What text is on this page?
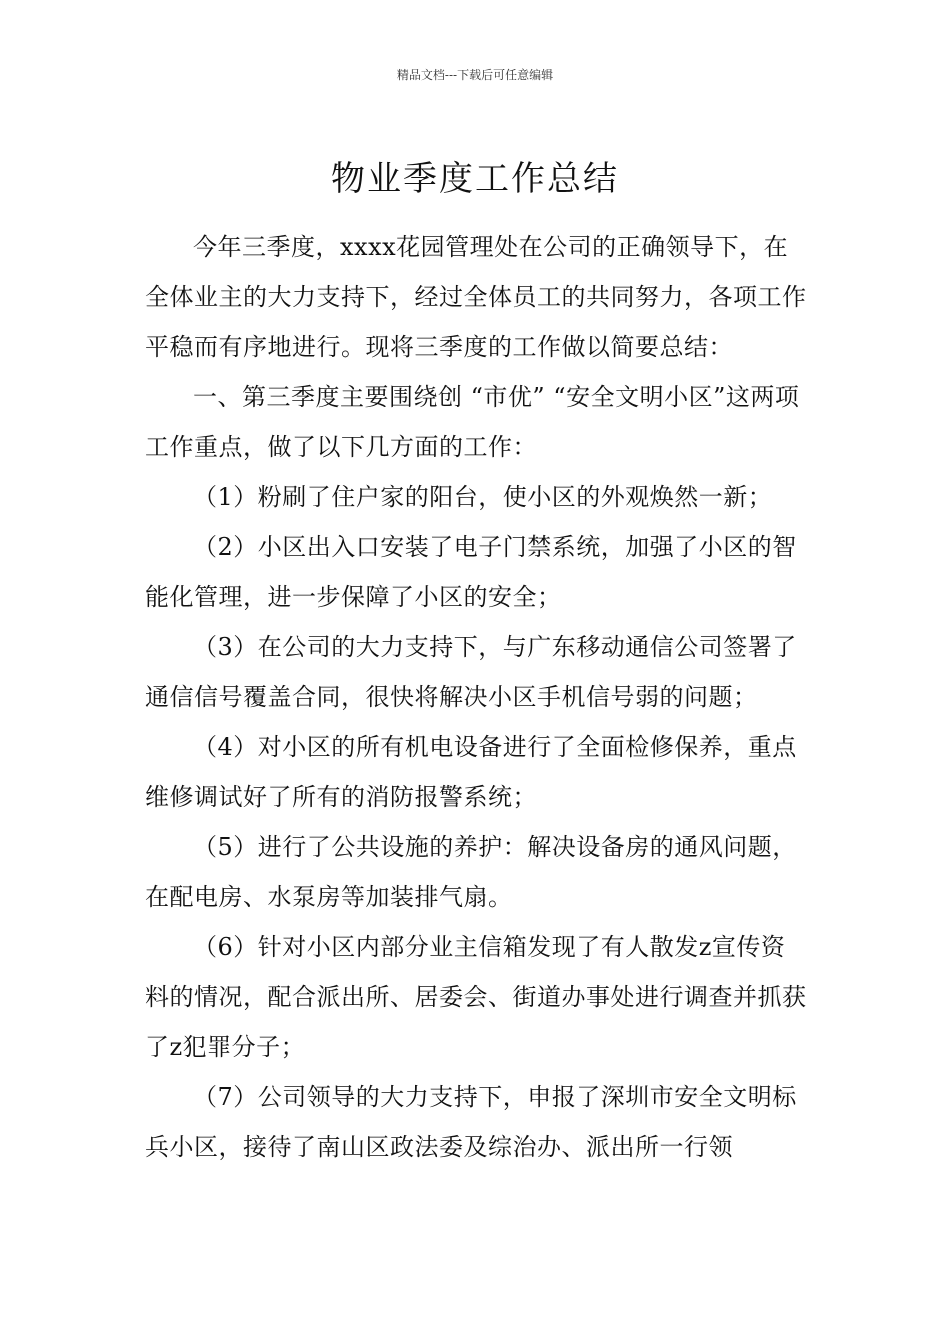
精品文档---下载后可任意编辑
物业季度工作总结

今年三季度，xxxx花园管理处在公司的正确领导下，在全体业主的大力支持下，经过全体员工的共同努力，各项工作平稳而有序地进行。现将三季度的工作做以简要总结：

一、第三季度主要围绕创 “市优” “安全文明小区”这两项工作重点，做了以下几方面的工作：

（1）粉刷了住户家的阳台，使小区的外观焕然一新；

（2）小区出入口安装了电子门禁系统，加强了小区的智能化管理，进一步保障了小区的安全；

（3）在公司的大力支持下，与广东移动通信公司签署了通信信号覆盖合同，很快将解决小区手机信号弱的问题；

（4）对小区的所有机电设备进行了全面检修保养，重点维修调试好了所有的消防报警系统；

（5）进行了公共设施的养护：解决设备房的通风问题，在配电房、水泵房等加装排气扇。

（6）针对小区内部分业主信箱发现了有人散发z宣传资料的情况，配合派出所、居委会、街道办事处进行调查并抓获了z犯罪分子；

（7）公司领导的大力支持下，申报了深圳市安全文明标兵小区，接待了南山区政法委及综治办、派出所一行领
